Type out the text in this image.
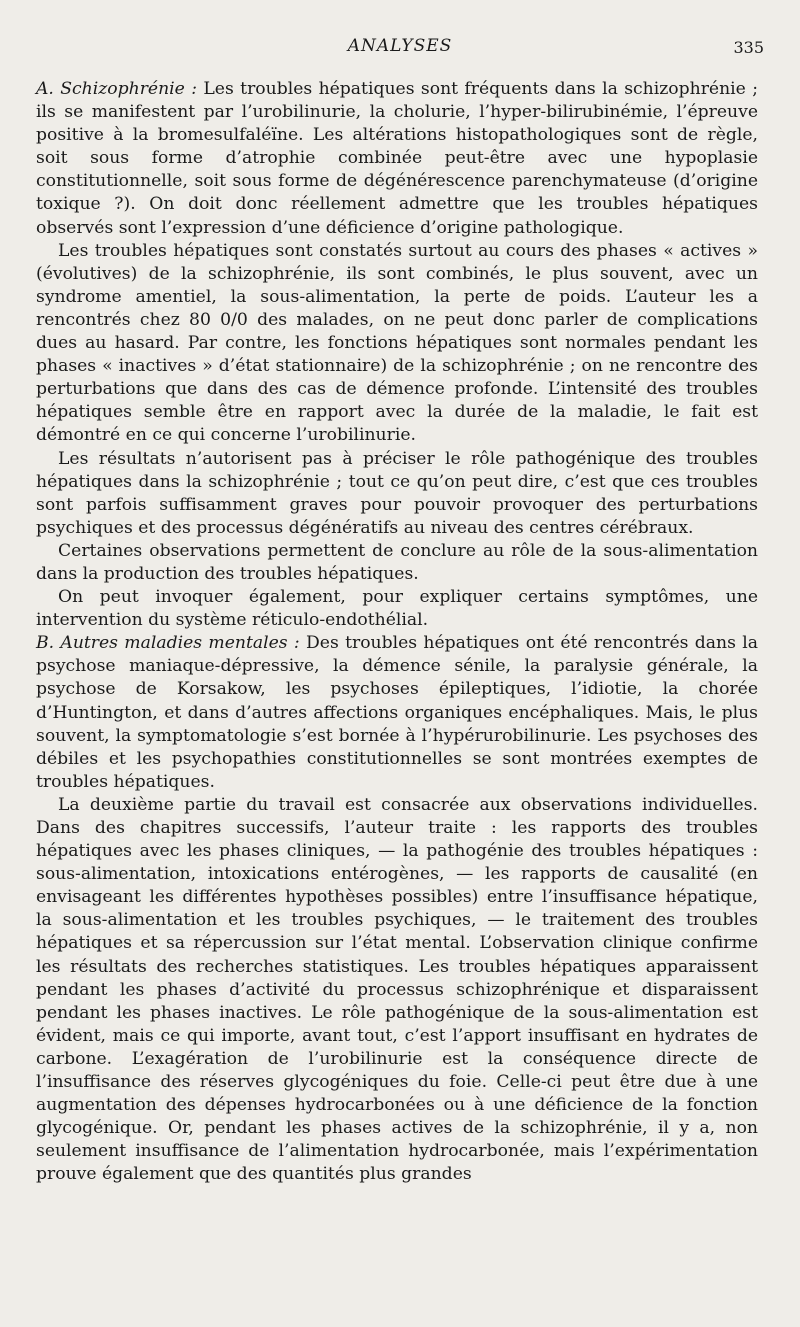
ANALYSES	335

A. Schizophrénie : Les troubles hépatiques sont fréquents dans la schizophrénie ; ils se manifestent par l’urobilinurie, la cholurie, l’hyper-bilirubinémie, l’épreuve positive à la bromesulfaléïne. Les altérations histopathologiques sont de règle, soit sous forme d’atrophie combinée peut-être avec une hypoplasie constitutionnelle, soit sous forme de dégénérescence parenchymateuse (d’origine toxique ?). On doit donc réellement admettre que les troubles hépatiques observés sont l’expression d’une déficience d’origine pathologique.

Les troubles hépatiques sont constatés surtout au cours des phases « actives » (évolutives) de la schizophrénie, ils sont combinés, le plus souvent, avec un syndrome amentiel, la sous-alimentation, la perte de poids. L’auteur les a rencontrés chez 80 0/0 des malades, on ne peut donc parler de complications dues au hasard. Par contre, les fonctions hépatiques sont normales pendant les phases « inactives » d’état stationnaire) de la schizophrénie ; on ne rencontre des perturbations que dans des cas de démence profonde. L’intensité des troubles hépatiques semble être en rapport avec la durée de la maladie, le fait est démontré en ce qui concerne l’urobilinurie.

Les résultats n’autorisent pas à préciser le rôle pathogénique des troubles hépatiques dans la schizophrénie ; tout ce qu’on peut dire, c’est que ces troubles sont parfois suffisamment graves pour pouvoir provoquer des perturbations psychiques et des processus dégénératifs au niveau des centres cérébraux.

Certaines observations permettent de conclure au rôle de la sous-alimentation dans la production des troubles hépatiques.

On peut invoquer également, pour expliquer certains symptômes, une intervention du système réticulo-endothélial.

B. Autres maladies mentales : Des troubles hépatiques ont été rencontrés dans la psychose maniaque-dépressive, la démence sénile, la paralysie générale, la psychose de Korsakow, les psychoses épileptiques, l’idiotie, la chorée d’Huntington, et dans d’autres affections organiques encéphaliques. Mais, le plus souvent, la symptomatologie s’est bornée à l’hypérurobilinurie. Les psychoses des débiles et les psychopathies constitutionnelles se sont montrées exemptes de troubles hépatiques.

La deuxième partie du travail est consacrée aux observations individuelles. Dans des chapitres successifs, l’auteur traite : les rapports des troubles hépatiques avec les phases cliniques, — la pathogénie des troubles hépatiques : sous-alimentation, intoxications entérogènes, — les rapports de causalité (en envisageant les différentes hypothèses possibles) entre l’insuffisance hépatique, la sous-alimentation et les troubles psychiques, — le traitement des troubles hépatiques et sa répercussion sur l’état mental. L’observation clinique confirme les résultats des recherches statistiques. Les troubles hépatiques apparaissent pendant les phases d’activité du processus schizophrénique et disparaissent pendant les phases inactives. Le rôle pathogénique de la sous-alimentation est évident, mais ce qui importe, avant tout, c’est l’apport insuffisant en hydrates de carbone. L’exagération de l’urobilinurie est la conséquence directe de l’insuffisance des réserves glycogéniques du foie. Celle-ci peut être due à une augmentation des dépenses hydrocarbonées ou à une déficience de la fonction glycogénique. Or, pendant les phases actives de la schizophrénie, il y a, non seulement insuffisance de l’alimentation hydrocarbonée, mais l’expérimentation prouve également que des quantités plus grandes
